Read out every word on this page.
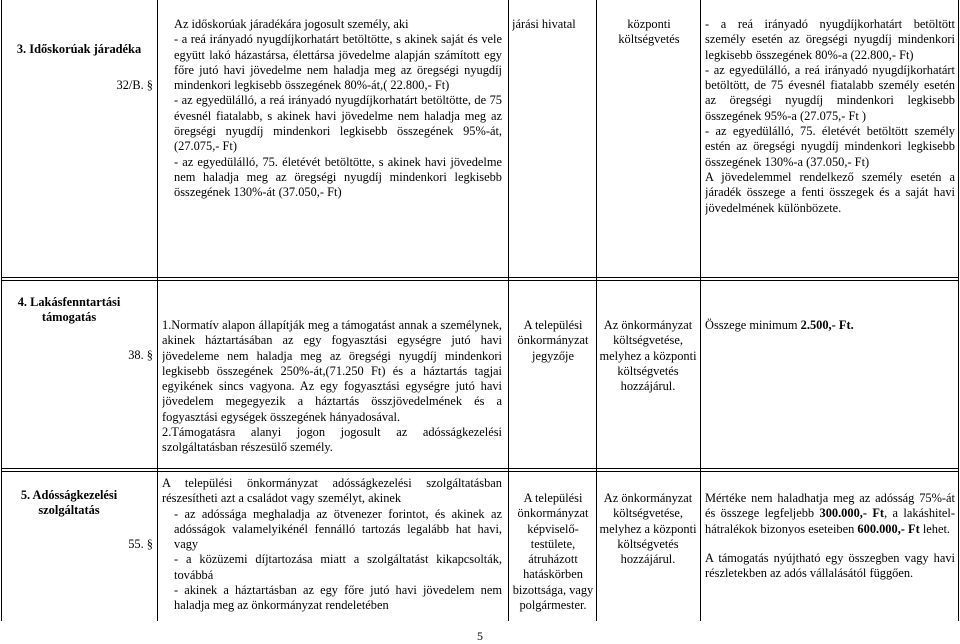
3. Időskorúak járadéka

32/B. §

Az időskorúak járadékára jogosult személy, aki

- a reá irányadó nyugdíjkorhatárt betöltötte, s akinek saját és vele együtt lakó házastársa, élettársa jövedelme alapján számított egy főre jutó havi jövedelme nem haladja meg az öregségi nyugdíj mindenkori legkisebb összegének 80%-át,( 22.800,- Ft)

- az egyedülálló, a reá irányadó nyugdíjkorhatárt betöltötte, de 75 évesnél fiatalabb, s akinek havi jövedelme nem haladja meg az öregségi nyugdíj mindenkori legkisebb összegének 95%-át, (27.075,- Ft)

- az egyedülálló, 75. életévét betöltötte, s akinek havi jövedelme nem haladja meg az öregségi nyugdíj mindenkori legkisebb összegének 130%-át (37.050,- Ft)

járási hivatal	központi költségvetés

- a reá irányadó nyugdíjkorhatárt betöltött személy esetén az öregségi nyugdíj mindenkori legkisebb összegének 80%-a (22.800,- Ft)

- az egyedülálló, a reá irányadó nyugdíjkorhatárt betöltött, de 75 évesnél fiatalabb személy esetén az öregségi nyugdíj mindenkori legkisebb összegének 95%-a (27.075,- Ft )

- az egyedülálló, 75. életévét betöltött személy estén az öregségi nyugdíj mindenkori legkisebb összegének 130%-a (37.050,- Ft)

A jövedelemmel rendelkező személy esetén a járadék összege a fenti összegek és a saját havi jövedelmének különbözete.

4. Lakásfenntartási támogatás

38. §

1.Normatív alapon állapítják meg a támogatást annak a személynek, akinek háztartásában az egy fogyasztási egységre jutó havi jövedeleme nem haladja meg az öregségi nyugdíj mindenkori legkisebb összegének 250%-át,(71.250 Ft) és a háztartás tagjai egyikének sincs vagyona. Az egy fogyasztási egységre jutó havi jövedelem megegyezik a háztartás összjövedelmének és a fogyasztási egységek összegének hányadosával.

2.Támogatásra alanyi jogon jogosult az adósságkezelési szolgáltatásban részesülő személy.

A települési önkormányzat jegyzője

Az önkormányzat költségvetése, melyhez a központi költségvetés hozzájárul.

Összege minimum 2.500,- Ft.

5. Adósságkezelési szolgáltatás

55. §

A települési önkormányzat adósságkezelési szolgáltatásban részesítheti azt a családot vagy személyt, akinek

- az adóssága meghaladja az ötvenezer forintot, és akinek az adósságok valamelyikénél fennálló tartozás legalább hat havi, vagy

- a közüzemi díjtartozása miatt a szolgáltatást kikapcsolták, továbbá

- akinek a háztartásban az egy főre jutó havi jövedelem nem haladja meg az önkormányzat rendeletében

A települési önkormányzat képviselő-testülete, átruházott hatáskörben bizottsága, vagy polgármester.

Az önkormányzat költségvetése, melyhez a központi költségvetés hozzájárul.

Mértéke nem haladhatja meg az adósság 75%-át és összege legfeljebb 300.000,- Ft, a lakáshitel-hátralékok bizonyos eseteiben 600.000,- Ft lehet.

A támogatás nyújtható egy összegben vagy havi részletekben az adós vállalásától függően.

5
